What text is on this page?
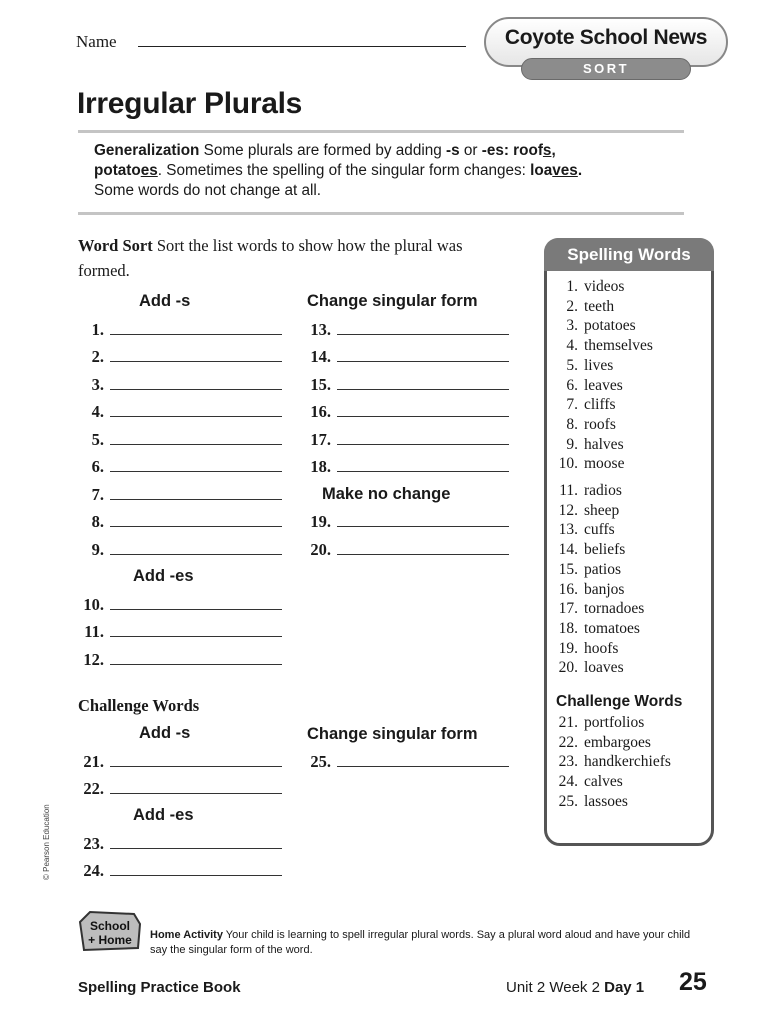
Name	Coyote School News
SORT
Irregular Plurals
Generalization Some plurals are formed by adding -s or -es: roofs,
potatoes. Sometimes the spelling of the singular form changes: loaves.
Some words do not change at all.
Word Sort Sort the list words to show how the plural was formed.
Add -s	Change singular form
Make no change
Add -es
1.
2.
3.
4.
5.
6.
7.
8.
9.
10.
11.
12.
13.
14.
15.
16.
17.
18.
19.
20.
Challenge Words
Add -s	Change singular form
Add -es
21.
22.
23.
24.
25.
Spelling Words
1. videos
2. teeth
3. potatoes
4. themselves
5. lives
6. leaves
7. cliffs
8. roofs
9. halves
10. moose
11. radios
12. sheep
13. cuffs
14. beliefs
15. patios
16. banjos
17. tornadoes
18. tomatoes
19. hoofs
20. loaves
Challenge Words
21. portfolios
22. embargoes
23. handkerchiefs
24. calves
25. lassoes
© Pearson Education
School
+ Home Home Activity Your child is learning to spell irregular plural words. Say a plural word aloud and have your child say the singular form of the word.
Spelling Practice Book	Unit 2 Week 2 Day 1 25
